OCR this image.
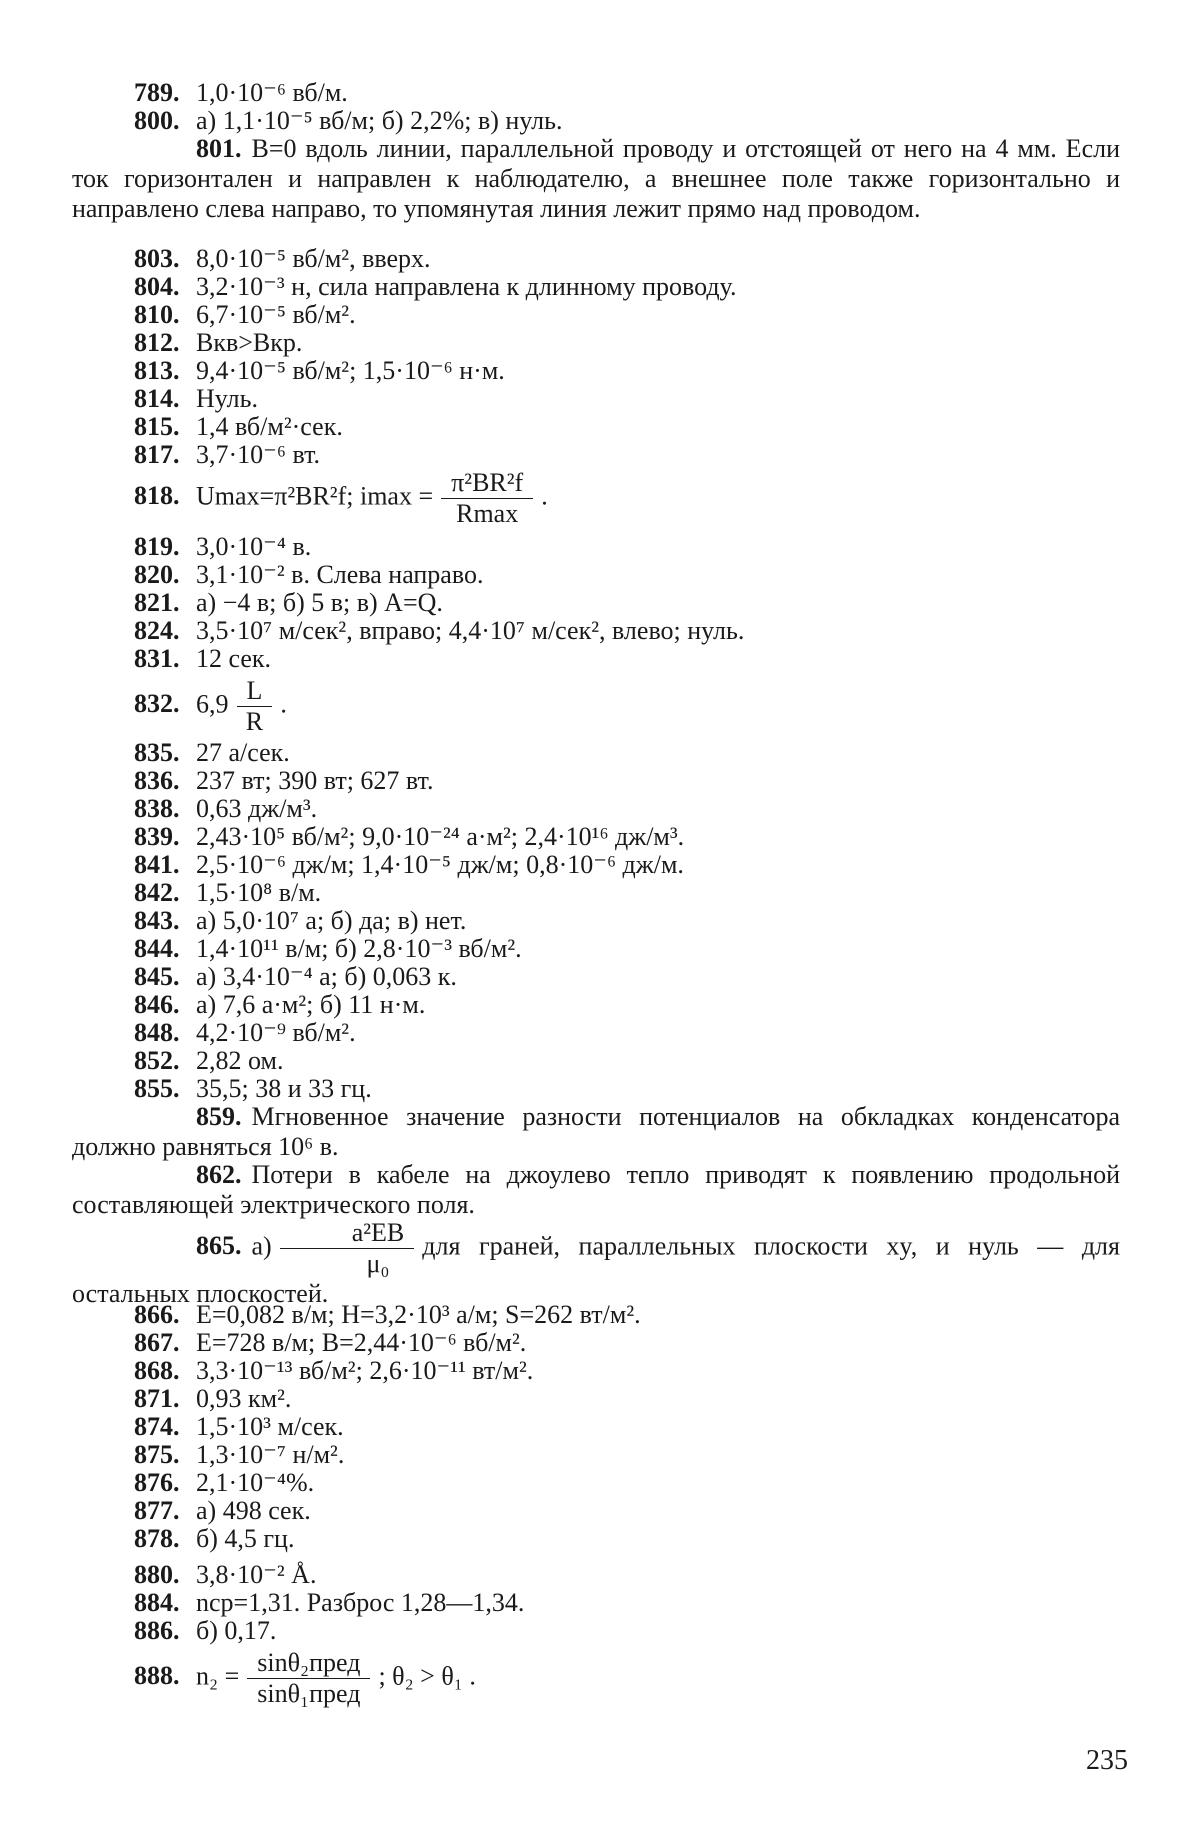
789. 1,0·10⁻⁶ вб/м.
800. а) 1,1·10⁻⁵ вб/м; б) 2,2%; в) нуль.
801. B=0 вдоль линии, параллельной проводу и отстоящей от него на 4 мм. Если ток горизонтален и направлен к наблюдателю, а внешнее поле также горизонтально и направлено слева направо, то упомянутая линия лежит прямо над проводом.
803. 8,0·10⁻⁵ вб/м², вверх.
804. 3,2·10⁻³ н, сила направлена к длинному проводу.
810. 6,7·10⁻⁵ вб/м².
812. Bкв>Bкр.
813. 9,4·10⁻⁵ вб/м²; 1,5·10⁻⁶ н·м.
814. Нуль.
815. 1,4 вб/м²·сек.
817. 3,7·10⁻⁶ вт.
818. Umax=π²BR²f; $imax = \frac{\text{π²BR²f}}{Rmax}$ .
819. 3,0·10⁻⁴ в.
820. 3,1·10⁻² в. Слева направо.
821. а) −4 в; б) 5 в; в) A=Q.
824. 3,5·10⁷ м/сек², вправо; 4,4·10⁷ м/сек², влево; нуль.
831. 12 сек.
832. $6,9 \frac{L}{R}$ .
835. 27 а/сек.
836. 237 вт; 390 вт; 627 вт.
838. 0,63 дж/м³.
839. 2,43·10⁵ вб/м²; 9,0·10⁻²⁴ а·м²; 2,4·10¹⁶ дж/м³.
841. 2,5·10⁻⁶ дж/м; 1,4·10⁻⁵ дж/м; 0,8·10⁻⁶ дж/м.
842. 1,5·10⁸ в/м.
843. а) 5,0·10⁷ а; б) да; в) нет.
844. 1,4·10¹¹ в/м; б) 2,8·10⁻³ вб/м².
845. а) 3,4·10⁻⁴ а; б) 0,063 к.
846. а) 7,6 а·м²; б) 11 н·м.
848. 4,2·10⁻⁹ вб/м².
852. 2,82 ом.
855. 35,5; 38 и 33 гц.
859. Мгновенное значение разности потенциалов на обкладках конденсатора должно равняться 10⁶ в.
862. Потери в кабеле на джоулево тепло приводят к появлению продольной составляющей электрического поля.
865. $а) \frac{\text{a²EB}}{\text{μ₀}}$ для граней, параллельных плоскости xy, и нуль — для остальных плоскостей.
866. E=0,082 в/м; H=3,2·10³ а/м; S=262 вт/м².
867. E=728 в/м; B=2,44·10⁻⁶ вб/м².
868. 3,3·10⁻¹³ вб/м²; 2,6·10⁻¹¹ вт/м².
871. 0,93 км².
874. 1,5·10³ м/сек.
875. 1,3·10⁻⁷ н/м².
876. 2,1·10⁻⁴%.
877. а) 498 сек.
878. б) 4,5 гц.
880. 3,8·10⁻² Å.
884. nср=1,31. Разброс 1,28—1,34.
886. б) 0,17.
888. $n_2 = \frac{\text{sinθ₂пред}}{\text{sinθ₁пред}}$ ; θ₂ > θ₁ .
235
